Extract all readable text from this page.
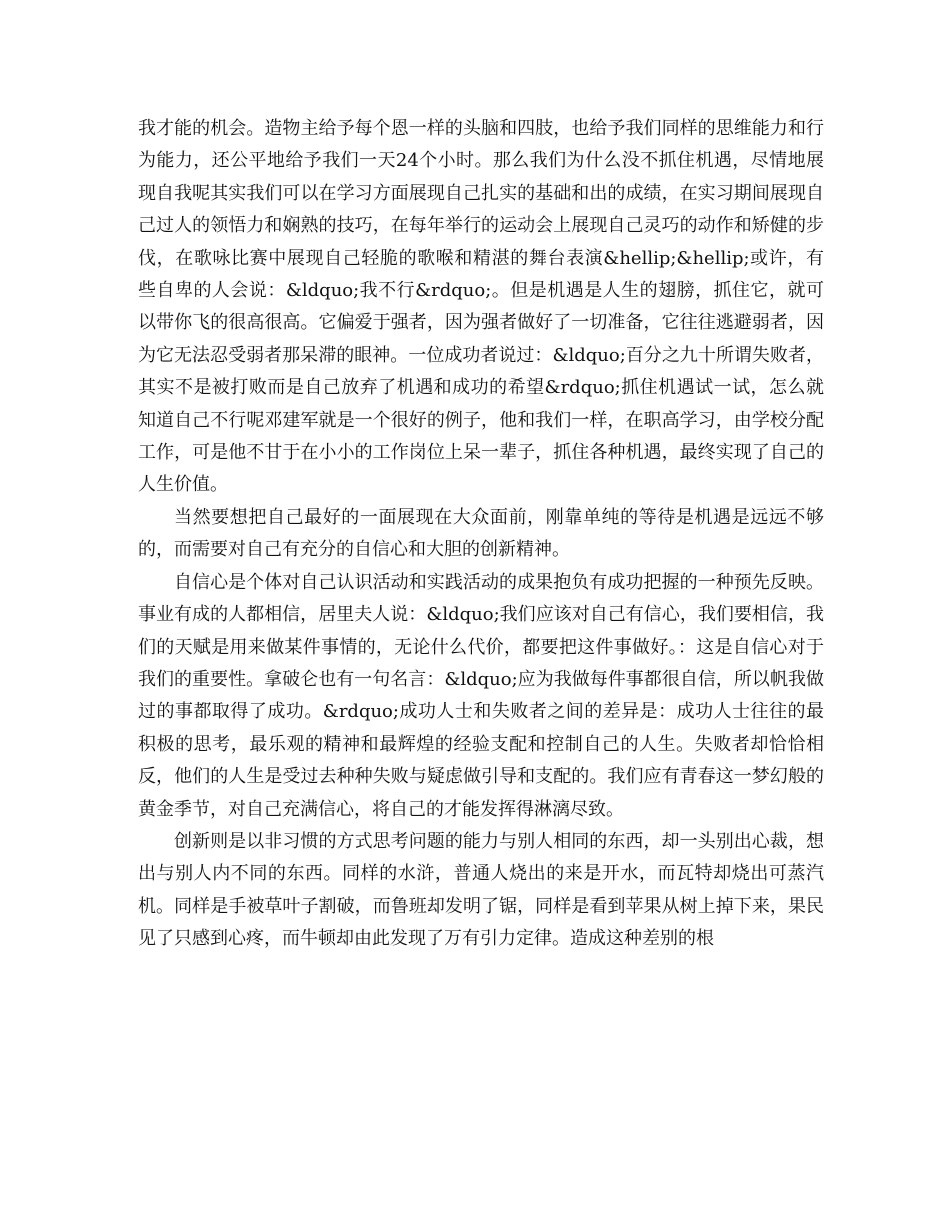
我才能的机会。造物主给予每个恩一样的头脑和四肢，也给予我们同样的思维能力和行为能力，还公平地给予我们一天24个小时。那么我们为什么没不抓住机遇，尽情地展现自我呢其实我们可以在学习方面展现自己扎实的基础和出的成绩，在实习期间展现自己过人的领悟力和娴熟的技巧，在每年举行的运动会上展现自己灵巧的动作和矫健的步伐，在歌咏比赛中展现自己轻脆的歌喉和精湛的舞台表演&hellip;&hellip;或许，有些自卑的人会说：&ldquo;我不行&rdquo;。但是机遇是人生的翅膀，抓住它，就可以带你飞的很高很高。它偏爱于强者，因为强者做好了一切准备，它往往逃避弱者，因为它无法忍受弱者那呆滞的眼神。一位成功者说过：&ldquo;百分之九十所谓失败者，其实不是被打败而是自己放弃了机遇和成功的希望&rdquo;抓住机遇试一试，怎么就知道自己不行呢邓建军就是一个很好的例子，他和我们一样，在职高学习，由学校分配工作，可是他不甘于在小小的工作岗位上呆一辈子，抓住各种机遇，最终实现了自己的人生价值。

当然要想把自己最好的一面展现在大众面前，刚靠单纯的等待是机遇是远远不够的，而需要对自己有充分的自信心和大胆的创新精神。

自信心是个体对自己认识活动和实践活动的成果抱负有成功把握的一种预先反映。事业有成的人都相信，居里夫人说：&ldquo;我们应该对自己有信心，我们要相信，我们的天赋是用来做某件事情的，无论什么代价，都要把这件事做好。：这是自信心对于我们的重要性。拿破仑也有一句名言：&ldquo;应为我做每件事都很自信，所以帆我做过的事都取得了成功。&rdquo;成功人士和失败者之间的差异是：成功人士往往的最积极的思考，最乐观的精神和最辉煌的经验支配和控制自己的人生。失败者却恰恰相反，他们的人生是受过去种种失败与疑虑做引导和支配的。我们应有青春这一梦幻般的黄金季节，对自己充满信心，将自己的才能发挥得淋漓尽致。

创新则是以非习惯的方式思考问题的能力与别人相同的东西，却一头别出心裁，想出与别人内不同的东西。同样的水浒，普通人烧出的来是开水，而瓦特却烧出可蒸汽机。同样是手被草叶子割破，而鲁班却发明了锯，同样是看到苹果从树上掉下来，果民见了只感到心疼，而牛顿却由此发现了万有引力定律。造成这种差别的根
